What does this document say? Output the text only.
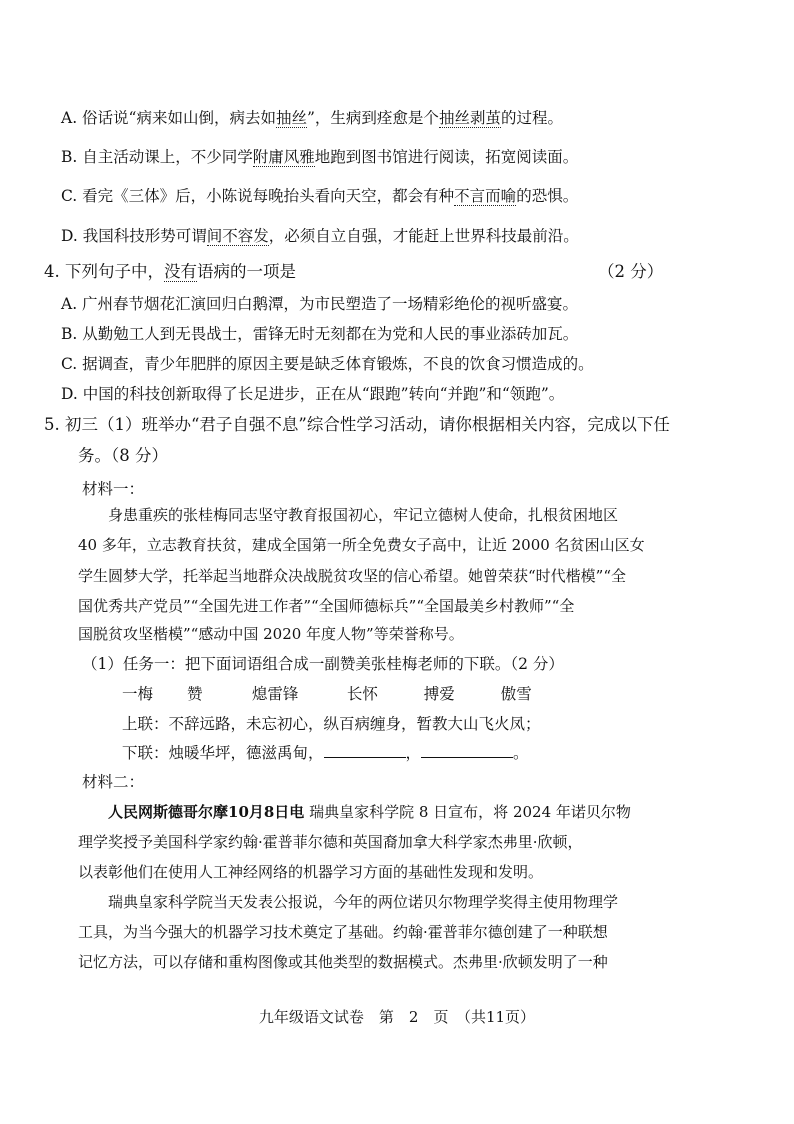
A. 俗话说“病来如山倒，病去如抽丝”，生病到痊愈是个抽丝剥茧的过程。
B. 自主活动课上，不少同学附庸风雅地跑到图书馆进行阅读，拓宽阅读面。
C. 看完《三体》后，小陈说每晚抬头看向天空，都会有种不言而喻的恐惧。
D. 我国科技形势可谓间不容发，必须自立自强，才能赶上世界科技最前沿。
4. 下列句子中，没有语病的一项是	（2 分）
A. 广州春节烟花汇演回归白鹅潭，为市民塑造了一场精彩绝伦的视听盛宴。
B. 从勤勉工人到无畏战士，雷锋无时无刻都在为党和人民的事业添砖加瓦。
C. 据调查，青少年肥胖的原因主要是缺乏体育锻炼，不良的饮食习惯造成的。
D. 中国的科技创新取得了长足进步，正在从“跟跑”转向“并跑”和“领跑”。
5. 初三（1）班举办“君子自强不息”综合性学习活动，请你根据相关内容，完成以下任
务。（8 分）
材料一：
身患重疾的张桂梅同志坚守教育报国初心，牢记立德树人使命，扎根贫困地区
40 多年，立志教育扶贫，建成全国第一所全免费女子高中，让近 2000 名贫困山区女
学生圆梦大学，托举起当地群众决战脱贫攻坚的信心希望。她曾荣获“时代楷模”“全
国优秀共产党员”“全国先进工作者”“全国师德标兵”“全国最美乡村教师”“全
国脱贫攻坚楷模”“感动中国 2020 年度人物”等荣誉称号。
（1）任务一：把下面词语组合成一副赞美张桂梅老师的下联。（2 分）
一梅 赞	熄雷锋	长怀	搏爱	傲雪
上联：不辞远路，未忘初心，纵百病缠身，暂教大山飞火凤；
下联：烛暖华坪，德滋禹甸，	，	。
材料二：
人民网斯德哥尔摩10月8日电 瑞典皇家科学院 8 日宣布，将 2024 年诺贝尔物
理学奖授予美国科学家约翰·霍普菲尔德和英国裔加拿大科学家杰弗里·欣顿，
以表彰他们在使用人工神经网络的机器学习方面的基础性发现和发明。
瑞典皇家科学院当天发表公报说，今年的两位诺贝尔物理学奖得主使用物理学
工具，为当今强大的机器学习技术奠定了基础。约翰·霍普菲尔德创建了一种联想
记忆方法，可以存储和重构图像或其他类型的数据模式。杰弗里·欣顿发明了一种
九年级语文试卷　第　2　页　（共11页）
